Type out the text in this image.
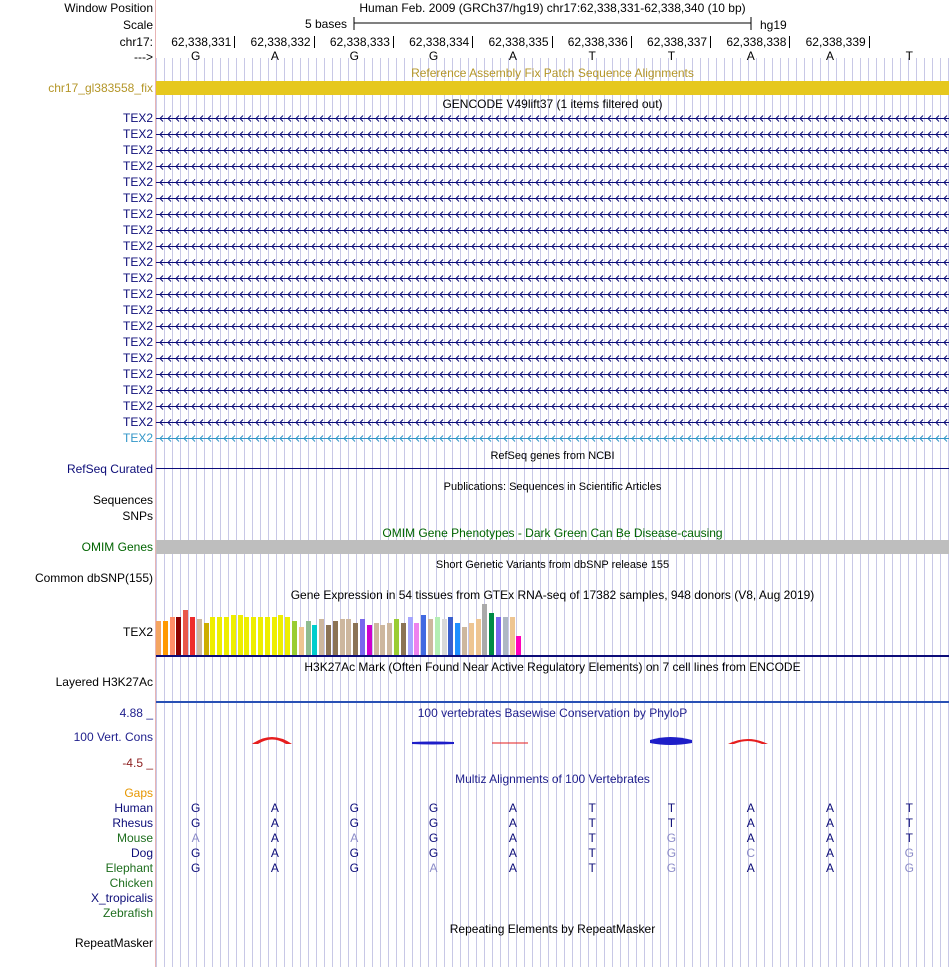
Window Position	Human Feb. 2009 (GRCh37/hg19) chr17:62,338,331-62,338,340 (10 bp)
Scale	5 bases	hg19
chr17:	62,338,331	62,338,332	62,338,333	62,338,334	62,338,335	62,338,336	62,338,337	62,338,338	62,338,339
--->	G	A	G	G	A	T	T	A	A	T
Reference Assembly Fix Patch Sequence Alignments
chr17_gl383558_fix
GENCODE V49lift37 (1 items filtered out)
TEX2
TEX2
TEX2
TEX2
TEX2
TEX2
TEX2
TEX2
TEX2
TEX2
TEX2
TEX2
TEX2
TEX2
TEX2
TEX2
TEX2
TEX2
TEX2
TEX2
TEX2
RefSeq genes from NCBI
RefSeq Curated
Publications: Sequences in Scientific Articles
Sequences
SNPs
OMIM Gene Phenotypes - Dark Green Can Be Disease-causing
OMIM Genes
Short Genetic Variants from dbSNP release 155
Common dbSNP(155)
Gene Expression in 54 tissues from GTEx RNA-seq of 17382 samples, 948 donors (V8, Aug 2019)
TEX2
H3K27Ac Mark (Often Found Near Active Regulatory Elements) on 7 cell lines from ENCODE
Layered H3K27Ac
100 vertebrates Basewise Conservation by PhyloP
4.88 _
100 Vert. Cons
-4.5 _
Multiz Alignments of 100 Vertebrates
Gaps
Human	G	A	G	G	A	T	T	A	A	T
Rhesus	G	A	G	G	A	T	T	A	A	T
Mouse	A	A	A	G	A	T	G	A	A	T
Dog	G	A	G	G	A	T	G	C	A	G
Elephant	G	A	G	A	A	T	G	A	A	G
Chicken
X_tropicalis
Zebrafish
Repeating Elements by RepeatMasker
RepeatMasker
